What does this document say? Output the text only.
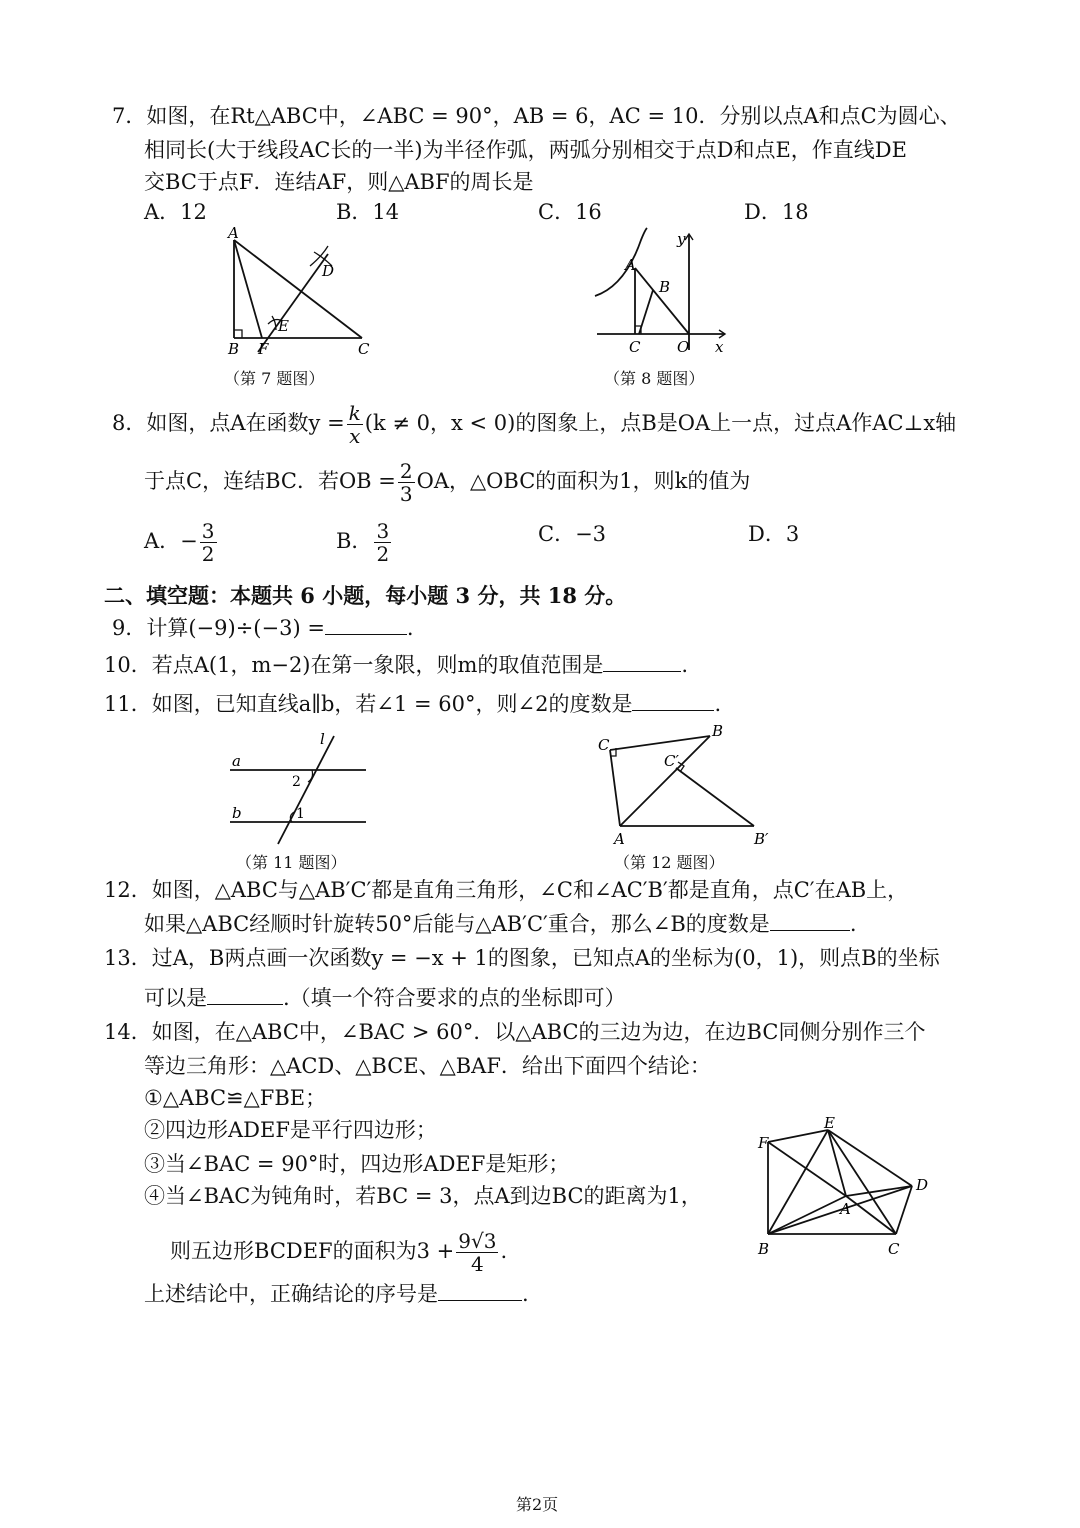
7．如图，在Rt△ABC中，∠ABC = 90°，AB = 6，AC = 10．分别以点A和点C为圆心、
相同长(大于线段AC长的一半)为半径作弧，两弧分别相交于点D和点E，作直线DE
交BC于点F．连结AF，则△ABF的周长是
A．12	B．14	C．16	D．18
A
B	C
D
E
F
（第 7 题图）
A
B
C O x
y
（第 8 题图）
8．如图，点A在函数$y = \frac{k}{x} (k \ne 0$，x < 0)的图象上，点B是OA上一点，过点A作AC⊥x轴
于点C，连结BC．若OB = $\frac{2}{3}$ OA，△OBC的面积为1，则k的值为
A．− $\frac{3}{2}$	B． $\frac{3}{2}$	C．−3	D．3
二、填空题：本题共 6 小题，每小题 3 分，共 18 分。
9．计算(−9)÷(−3) =	.
10．若点A(1，m−2)在第一象限，则m的取值范围是	.
11．如图，已知直线a∥b，若∠1 = 60°，则∠2的度数是	.
a
b
l
2
1
（第 11 题图）
C
B
C′
A	B′
（第 12 题图）
12．如图，△ABC与△AB′C′都是直角三角形，∠C和∠AC′B′都是直角，点C′在AB上，
如果△ABC经顺时针旋转50°后能与△AB′C′重合，那么∠B的度数是	.
13．过A，B两点画一次函数y = −x + 1的图象，已知点A的坐标为(0，1)，则点B的坐标
可以是	.（填一个符合要求的点的坐标即可）
14．如图，在△ABC中，∠BAC > 60°．以△ABC的三边为边，在边BC同侧分别作三个
等边三角形：△ACD、△BCE、△BAF．给出下面四个结论：
①△ABC≌△FBE；
②四边形ADEF是平行四边形；
③当∠BAC = 90°时，四边形ADEF是矩形；
④当∠BAC为钝角时，若BC = 3，点A到边BC的距离为1，
则五边形BCDEF的面积为$3 + \frac{9√3}{4}$ .
上述结论中，正确结论的序号是	.
F
E
D
A
B	C
第2页
